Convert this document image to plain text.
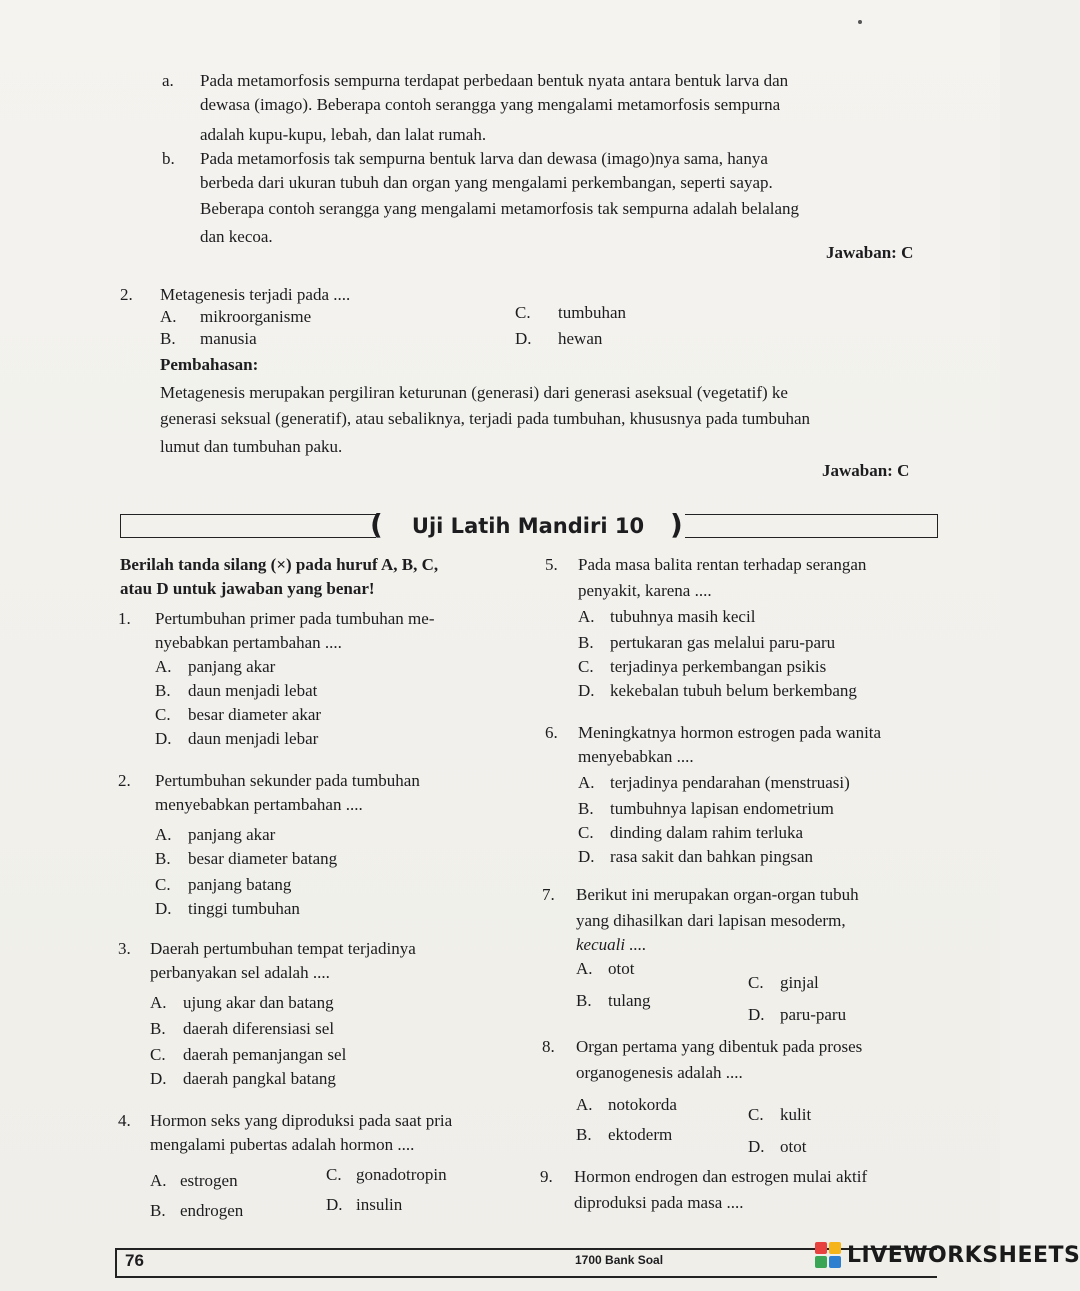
a. Pada metamorfosis sempurna terdapat perbedaan bentuk nyata antara bentuk larva dan
dewasa (imago). Beberapa contoh serangga yang mengalami metamorfosis sempurna
adalah kupu-kupu, lebah, dan lalat rumah.
b. Pada metamorfosis tak sempurna bentuk larva dan dewasa (imago)nya sama, hanya
berbeda dari ukuran tubuh dan organ yang mengalami perkembangan, seperti sayap.
Beberapa contoh serangga yang mengalami metamorfosis tak sempurna adalah belalang
dan kecoa.
Jawaban: C
2. Metagenesis terjadi pada ....
A. mikroorganisme
B. manusia
C. tumbuhan
D. hewan
Pembahasan:
Metagenesis merupakan pergiliran keturunan (generasi) dari generasi aseksual (vegetatif) ke
generasi seksual (generatif), atau sebaliknya, terjadi pada tumbuhan, khususnya pada tumbuhan
lumut dan tumbuhan paku.
Jawaban: C
(	Uji Latih Mandiri 10 )
Berilah tanda silang (×) pada huruf A, B, C,
atau D untuk jawaban yang benar!
1. Pertumbuhan primer pada tumbuhan me-
nyebabkan pertambahan ....
A. panjang akar
B. daun menjadi lebat
C. besar diameter akar
D. daun menjadi lebar
2. Pertumbuhan sekunder pada tumbuhan
menyebabkan pertambahan ....
A. panjang akar
B. besar diameter batang
C. panjang batang
D. tinggi tumbuhan
3. Daerah pertumbuhan tempat terjadinya
perbanyakan sel adalah ....
A. ujung akar dan batang
B. daerah diferensiasi sel
C. daerah pemanjangan sel
D. daerah pangkal batang
4. Hormon seks yang diproduksi pada saat pria
mengalami pubertas adalah hormon ....
A. estrogen
B. endrogen
C. gonadotropin
D. insulin
5. Pada masa balita rentan terhadap serangan
penyakit, karena ....
A. tubuhnya masih kecil
B. pertukaran gas melalui paru-paru
C. terjadinya perkembangan psikis
D. kekebalan tubuh belum berkembang
6. Meningkatnya hormon estrogen pada wanita
menyebabkan ....
A. terjadinya pendarahan (menstruasi)
B. tumbuhnya lapisan endometrium
C. dinding dalam rahim terluka
D. rasa sakit dan bahkan pingsan
7. Berikut ini merupakan organ-organ tubuh
yang dihasilkan dari lapisan mesoderm,
kecuali ....
A. otot
B. tulang
C. ginjal
D. paru-paru
8. Organ pertama yang dibentuk pada proses
organogenesis adalah ....
A. notokorda
B. ektoderm
C. kulit
D. otot
9. Hormon endrogen dan estrogen mulai aktif
diproduksi pada masa ....
76	1700 Bank Soal	LIVEWORKSHEETS
